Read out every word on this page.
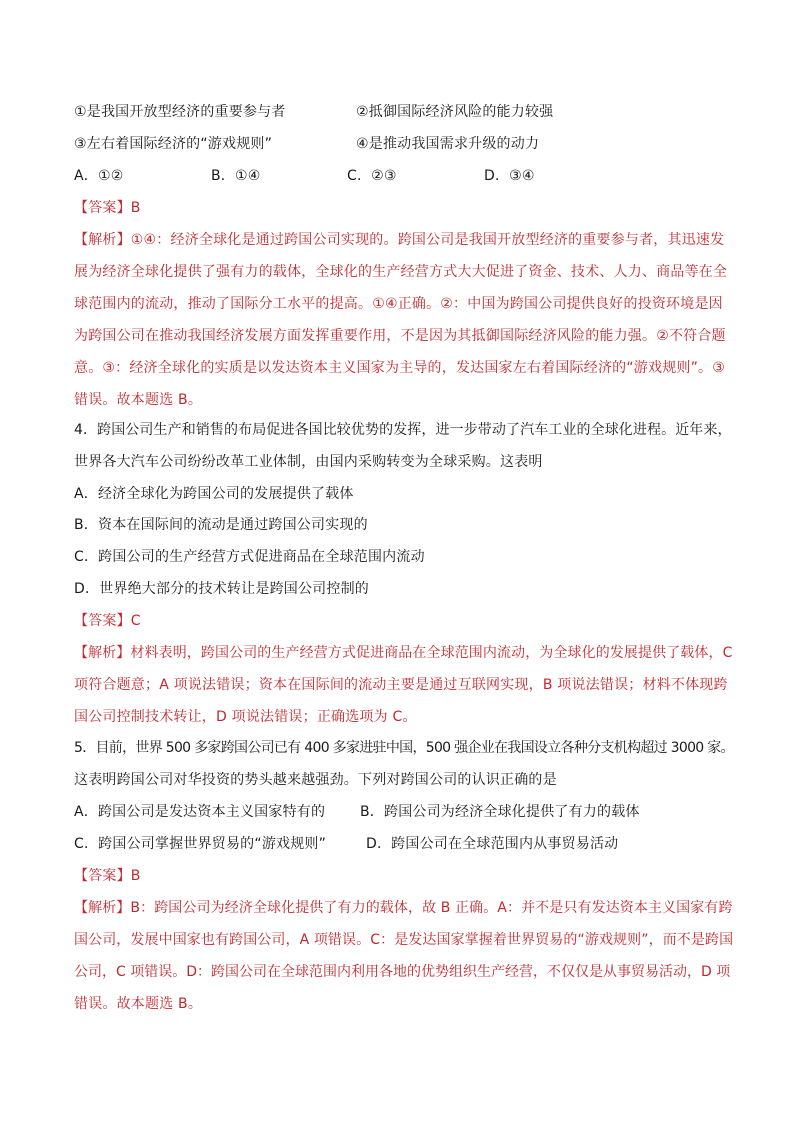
①是我国开放型经济的重要参与者	②抵御国际经济风险的能力较强
③左右着国际经济的“游戏规则”	④是推动我国需求升级的动力
A．①②	B．①④	C．②③	D．③④
【答案】B
【解析】①④：经济全球化是通过跨国公司实现的。跨国公司是我国开放型经济的重要参与者，其迅速发
展为经济全球化提供了强有力的载体，全球化的生产经营方式大大促进了资金、技术、人力、商品等在全
球范围内的流动，推动了国际分工水平的提高。①④正确。②：中国为跨国公司提供良好的投资环境是因
为跨国公司在推动我国经济发展方面发挥重要作用，不是因为其抵御国际经济风险的能力强。②不符合题
意。③：经济全球化的实质是以发达资本主义国家为主导的，发达国家左右着国际经济的“游戏规则”。③
错误。故本题选 B。
4．跨国公司生产和销售的布局促进各国比较优势的发挥，进一步带动了汽车工业的全球化进程。近年来，
世界各大汽车公司纷纷改革工业体制，由国内采购转变为全球采购。这表明
A．经济全球化为跨国公司的发展提供了载体
B．资本在国际间的流动是通过跨国公司实现的
C．跨国公司的生产经营方式促进商品在全球范围内流动
D．世界绝大部分的技术转让是跨国公司控制的
【答案】C
【解析】材料表明，跨国公司的生产经营方式促进商品在全球范围内流动，为全球化的发展提供了载体，C
项符合题意；A 项说法错误；资本在国际间的流动主要是通过互联网实现，B 项说法错误；材料不体现跨
国公司控制技术转让，D 项说法错误；正确选项为 C。
5．目前，世界 500 多家跨国公司已有 400 多家进驻中国，500 强企业在我国设立各种分支机构超过 3000 家。
这表明跨国公司对华投资的势头越来越强劲。下列对跨国公司的认识正确的是
A．跨国公司是发达资本主义国家特有的 B．跨国公司为经济全球化提供了有力的载体
C．跨国公司掌握世界贸易的“游戏规则”	D．跨国公司在全球范围内从事贸易活动
【答案】B
【解析】B：跨国公司为经济全球化提供了有力的载体，故 B 正确。A：并不是只有发达资本主义国家有跨
国公司，发展中国家也有跨国公司，A 项错误。C：是发达国家掌握着世界贸易的“游戏规则”，而不是跨国
公司，C 项错误。D：跨国公司在全球范围内利用各地的优势组织生产经营，不仅仅是从事贸易活动，D 项
错误。故本题选 B。
